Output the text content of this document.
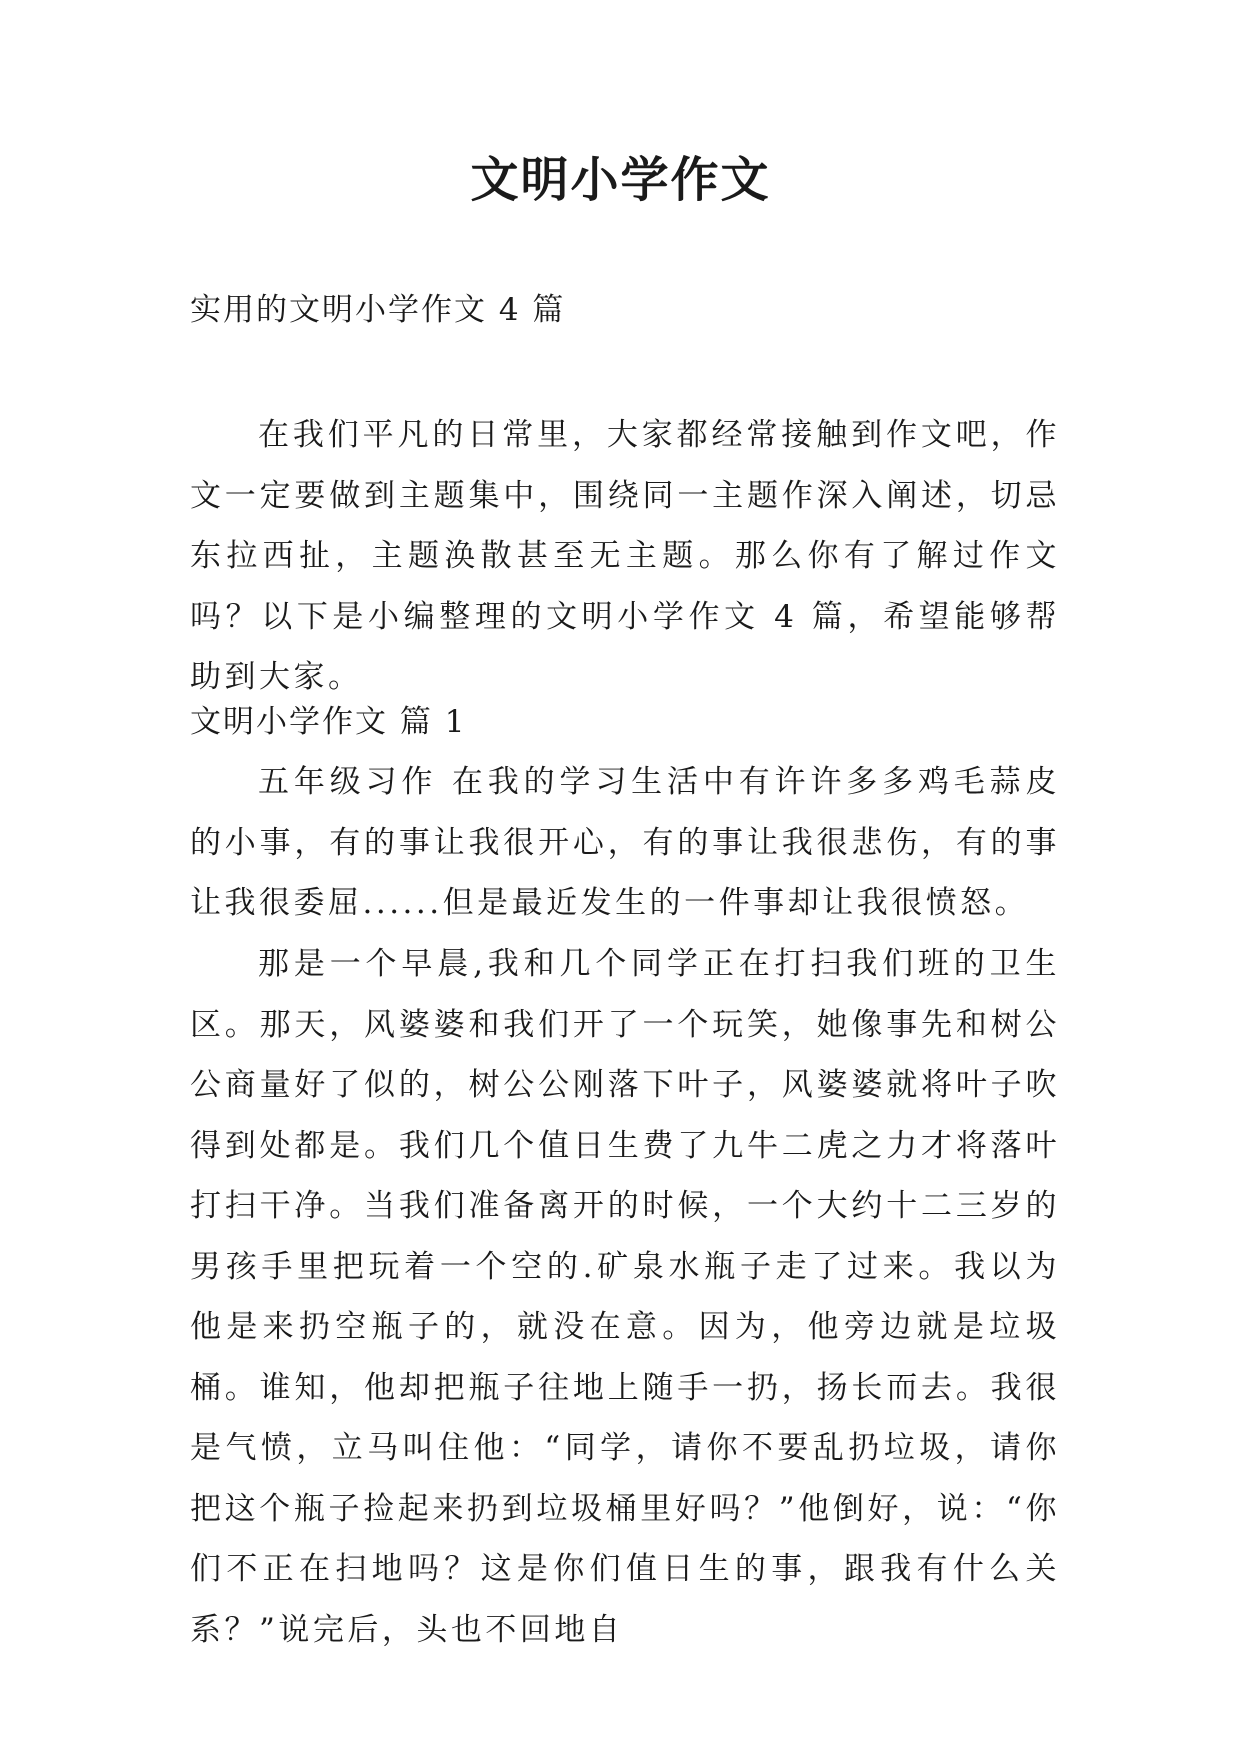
文明小学作文
实用的文明小学作文 4 篇

在我们平凡的日常里，大家都经常接触到作文吧，作文一定要做到主题集中，围绕同一主题作深入阐述，切忌东拉西扯，主题涣散甚至无主题。那么你有了解过作文吗？以下是小编整理的文明小学作文 4 篇，希望能够帮助到大家。

文明小学作文 篇 1

五年级习作 在我的学习生活中有许许多多鸡毛蒜皮的小事，有的事让我很开心，有的事让我很悲伤，有的事让我很委屈......但是最近发生的一件事却让我很愤怒。

那是一个早晨,我和几个同学正在打扫我们班的卫生区。那天，风婆婆和我们开了一个玩笑，她像事先和树公公商量好了似的，树公公刚落下叶子，风婆婆就将叶子吹得到处都是。我们几个值日生费了九牛二虎之力才将落叶打扫干净。当我们准备离开的时候，一个大约十二三岁的男孩手里把玩着一个空的.矿泉水瓶子走了过来。我以为他是来扔空瓶子的，就没在意。因为，他旁边就是垃圾桶。谁知，他却把瓶子往地上随手一扔，扬长而去。我很是气愤，立马叫住他：“同学，请你不要乱扔垃圾，请你把这个瓶子捡起来扔到垃圾桶里好吗？”他倒好，说：“你们不正在扫地吗？这是你们值日生的事，跟我有什么关系？”说完后，头也不回地自
